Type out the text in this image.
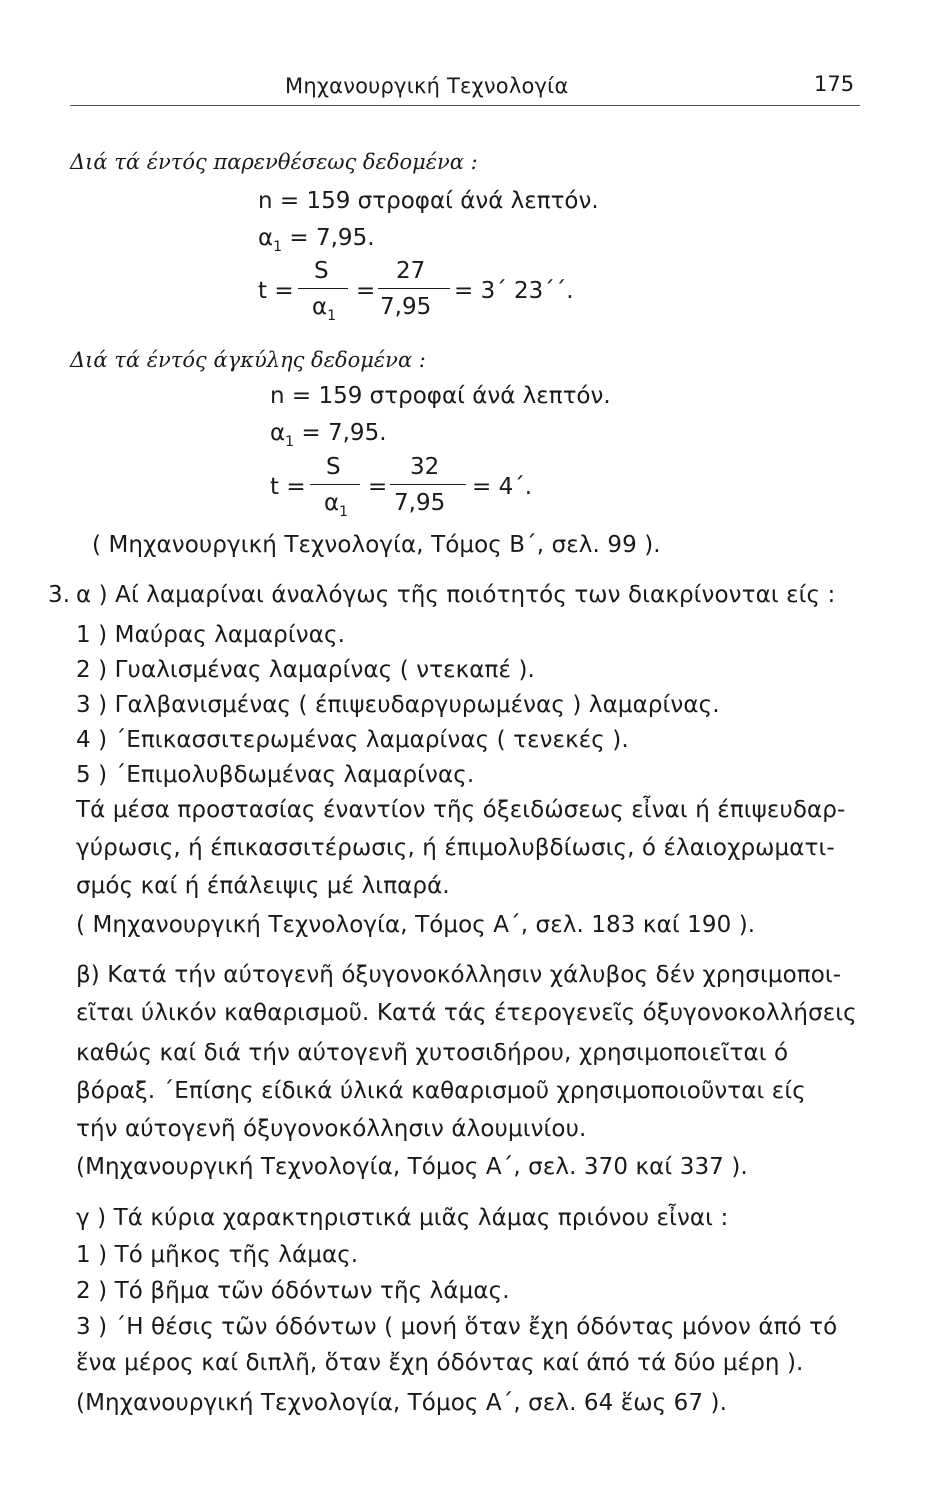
Μηχανουργική Τεχνολογία	175
Διά τά έντός παρενθέσεως δεδομένα :
n = 159 στροφαί άνά λεπτόν.
$\alpha_1 = 7,95$.
t =
S
$\alpha_1$
=
27
7,95
= 3΄ 23΄΄.
Διά τά έντός άγκύλης δεδομένα :
n = 159 στροφαί άνά λεπτόν.
$\alpha_1 = 7,95$.
t =
S
$\alpha_1$
=
32
7,95
= 4΄.
( Μηχανουργική Τεχνολογία, Τόμος Β΄, σελ. 99 ).
3. α ) Αί λαμαρίναι άναλόγως τῆς ποιότητός των διακρίνονται είς :
1 ) Μαύρας λαμαρίνας.
2 ) Γυαλισμένας λαμαρίνας ( ντεκαπέ ).
3 ) Γαλβανισμένας ( έπιψευδαργυρωμένας ) λαμαρίνας.
4 ) ΄Επικασσιτερωμένας λαμαρίνας ( τενεκές ).
5 ) ΄Επιμολυβδωμένας λαμαρίνας.
Τά μέσα προστασίας έναντίον τῆς όξειδώσεως εἶναι ή έπιψευδαρ-
γύρωσις, ή έπικασσιτέρωσις, ή έπιμολυβδίωσις, ό έλαιοχρωματι-
σμός καί ή έπάλειψις μέ λιπαρά.
( Μηχανουργική Τεχνολογία, Τόμος Α΄, σελ. 183 καί 190 ).
β) Κατά τήν αύτογενῆ όξυγονοκόλλησιν χάλυβος δέν χρησιμοποι-
εῖται ύλικόν καθαρισμοῦ. Κατά τάς έτερογενεῖς όξυγονοκολλήσεις
καθώς καί διά τήν αύτογενῆ χυτοσιδήρου, χρησιμοποιεῖται ό
βόραξ. ΄Επίσης είδικά ύλικά καθαρισμοῦ χρησιμοποιοῦνται είς
τήν αύτογενῆ όξυγονοκόλλησιν άλουμινίου.
(Μηχανουργική Τεχνολογία, Τόμος Α΄, σελ. 370 καί 337 ).
γ ) Τά κύρια χαρακτηριστικά μιᾶς λάμας πριόνου εἶναι :
1 ) Τό μῆκος τῆς λάμας.
2 ) Τό βῆμα τῶν όδόντων τῆς λάμας.
3 ) ΄Η θέσις τῶν όδόντων ( μονή ὅταν ἔχη όδόντας μόνον άπό τό
ἕνα μέρος καί διπλῆ, ὅταν ἔχη όδόντας καί άπό τά δύο μέρη ).
(Μηχανουργική Τεχνολογία, Τόμος Α΄, σελ. 64 ἕως 67 ).
